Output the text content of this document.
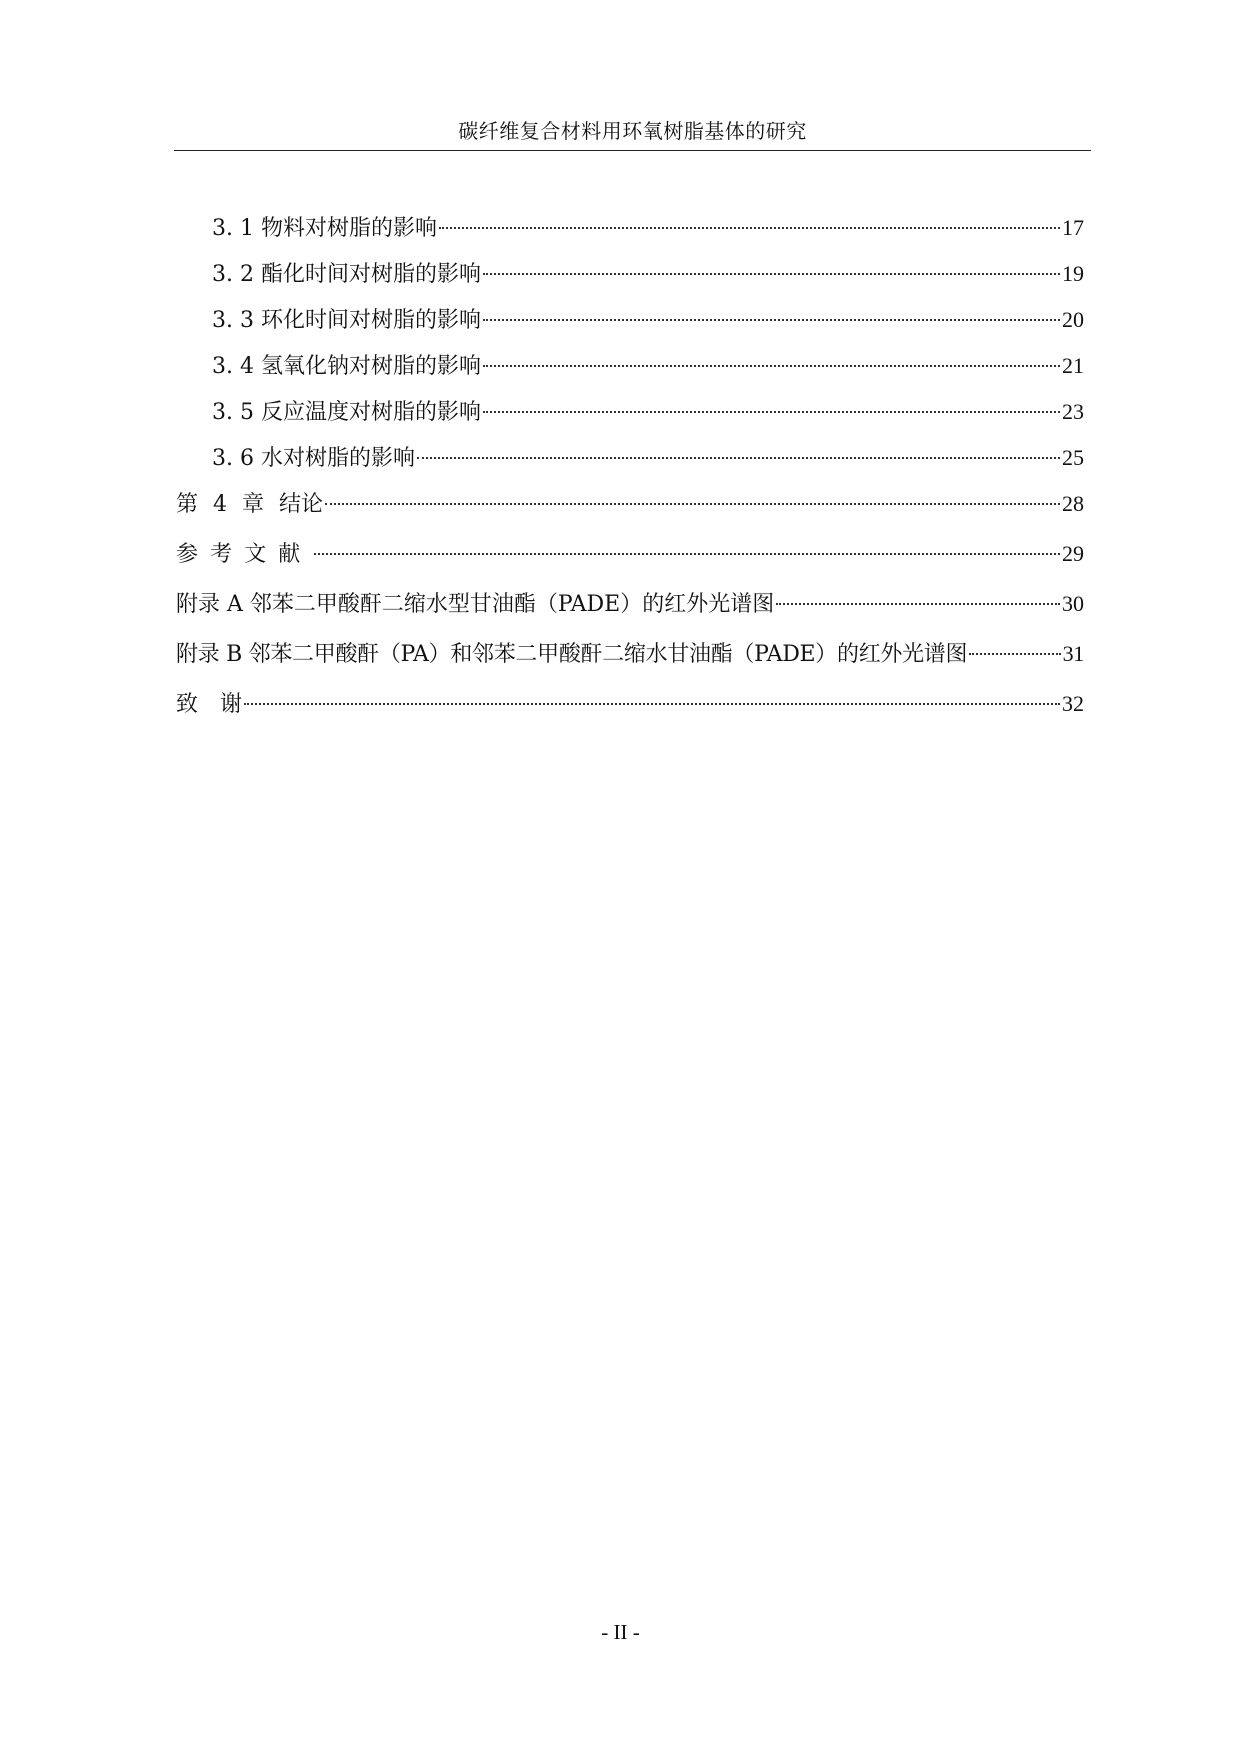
碳纤维复合材料用环氧树脂基体的研究
3. 1 物料对树脂的影响	17
3. 2 酯化时间对树脂的影响	19
3. 3 环化时间对树脂的影响	20
3. 4 氢氧化钠对树脂的影响	21
3. 5 反应温度对树脂的影响	23
3. 6 水对树脂的影响	25
第 4 章 结论	28
参考文献	29
附录 A 邻苯二甲酸酐二缩水型甘油酯（PADE）的红外光谱图	30
附录 B 邻苯二甲酸酐（PA）和邻苯二甲酸酐二缩水甘油酯（PADE）的红外光谱图	31
致　谢	32
- II -
